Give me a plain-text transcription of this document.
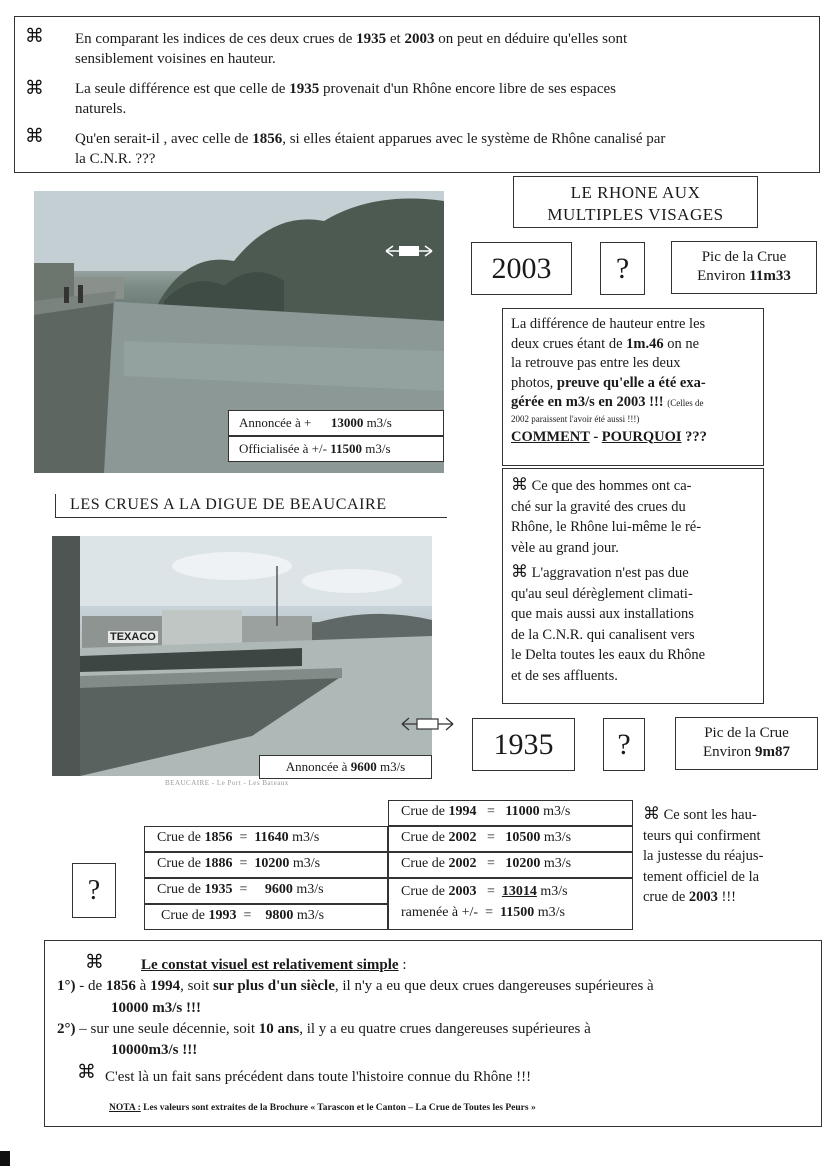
⌘ En comparant les indices de ces deux crues de 1935 et 2003 on peut en déduire qu'elles sont
sensiblement voisines en hauteur.
⌘ La seule différence est que celle de 1935 provenait d'un Rhône encore libre de ses espaces
naturels.
⌘ Qu'en serait-il , avec celle de 1856, si elles étaient apparues avec le système de Rhône canalisé par
la C.N.R. ???
Annoncée à + 13000 m3/s
Officialisée à +/- 11500 m3/s
LE RHONE AUX
MULTIPLES VISAGES
2003	?	Pic de la Crue
Environ 11m33
La différence de hauteur entre les
deux crues étant de 1m.46 on ne
la retrouve pas entre les deux
photos, preuve qu'elle a été exa-
gérée en m3/s en 2003 !!! (Celles de
2002 paraissent l'avoir été aussi !!!)
COMMENT - POURQUOI ???
⌘ Ce que des hommes ont ca-
ché sur la gravité des crues du
Rhône, le Rhône lui-même le ré-
vèle au grand jour.
⌘ L'aggravation n'est pas due
qu'au seul dérèglement climati-
que mais aussi aux installations
de la C.N.R. qui canalisent vers
le Delta toutes les eaux du Rhône
et de ses affluents.
LES CRUES A LA DIGUE DE BEAUCAIRE
TEXACO
BEAUCAIRE - Le Port - Les Bateaux
Annoncée à 9600 m3/s
1935	?	Pic de la Crue
Environ 9m87
?
Crue de 1856  =  11640 m3/s
Crue de 1886  =  10200 m3/s
Crue de 1935  =     9600 m3/s
Crue de 1993  =    9800 m3/s
Crue de 1994   =   11000 m3/s
Crue de 2002   =   10500 m3/s
Crue de 2002   =   10200 m3/s
Crue de 2003   =  13014 m3/s
ramenée à +/-  =  11500 m3/s
⌘ Ce sont les hau-
teurs qui confirment
la justesse du réajus-
tement officiel de la
crue de 2003 !!!
⌘ Le constat visuel est relativement simple :
1°) - de 1856 à 1994, soit sur plus d'un siècle, il n'y a eu que deux crues dangereuses supérieures à
10000 m3/s !!!
2°) – sur une seule décennie, soit 10 ans, il y a eu quatre crues dangereuses supérieures à
10000m3/s !!!
⌘ C'est là un fait sans précédent dans toute l'histoire connue du Rhône !!!
NOTA : Les valeurs sont extraites de la Brochure « Tarascon et le Canton – La Crue de Toutes les Peurs »
